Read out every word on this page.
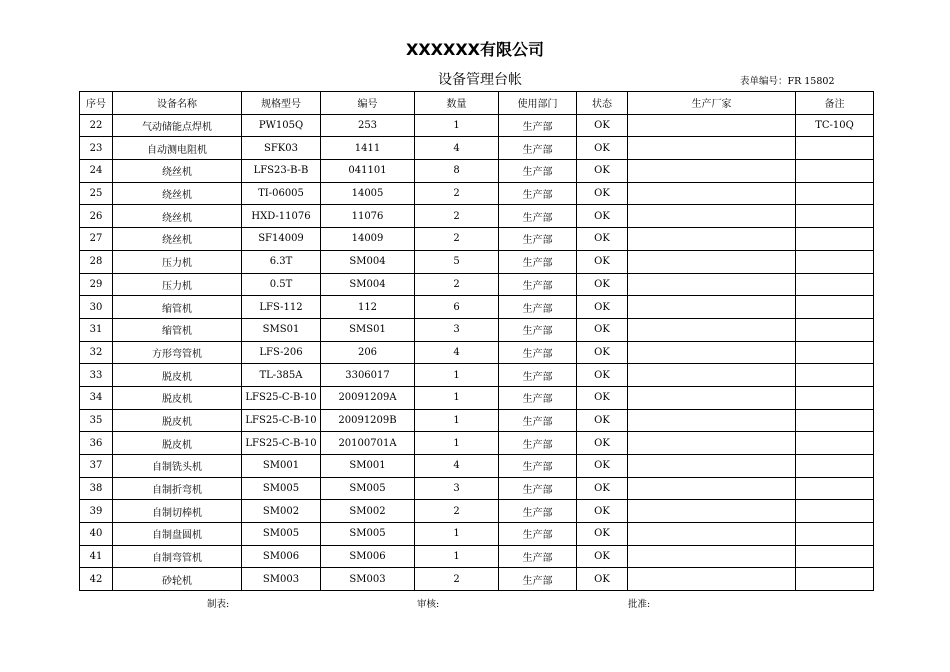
XXXXXX有限公司
设备管理台帐	表单编号：FR 15802
序号	设备名称	规格型号	编号	数量	使用部门	状态	生产厂家	备注
22	气动储能点焊机	PW105Q	253	1	生产部	OK		TC-10Q
23	自动测电阻机	SFK03	1411	4	生产部	OK		
24	绕丝机	LFS23-B-B	041101	8	生产部	OK		
25	绕丝机	TI-06005	14005	2	生产部	OK		
26	绕丝机	HXD-11076	11076	2	生产部	OK		
27	绕丝机	SF14009	14009	2	生产部	OK		
28	压力机	6.3T	SM004	5	生产部	OK		
29	压力机	0.5T	SM004	2	生产部	OK		
30	缩管机	LFS-112	112	6	生产部	OK		
31	缩管机	SMS01	SMS01	3	生产部	OK		
32	方形弯管机	LFS-206	206	4	生产部	OK		
33	脱皮机	TL-385A	3306017	1	生产部	OK		
34	脱皮机	LFS25-C-B-10	20091209A	1	生产部	OK		
35	脱皮机	LFS25-C-B-10	20091209B	1	生产部	OK		
36	脱皮机	LFS25-C-B-10	20100701A	1	生产部	OK		
37	自制铣头机	SM001	SM001	4	生产部	OK		
38	自制折弯机	SM005	SM005	3	生产部	OK		
39	自制切棒机	SM002	SM002	2	生产部	OK		
40	自制盘圆机	SM005	SM005	1	生产部	OK		
41	自制弯管机	SM006	SM006	1	生产部	OK		
42	砂轮机	SM003	SM003	2	生产部	OK		
制表:	审核:	批准:
